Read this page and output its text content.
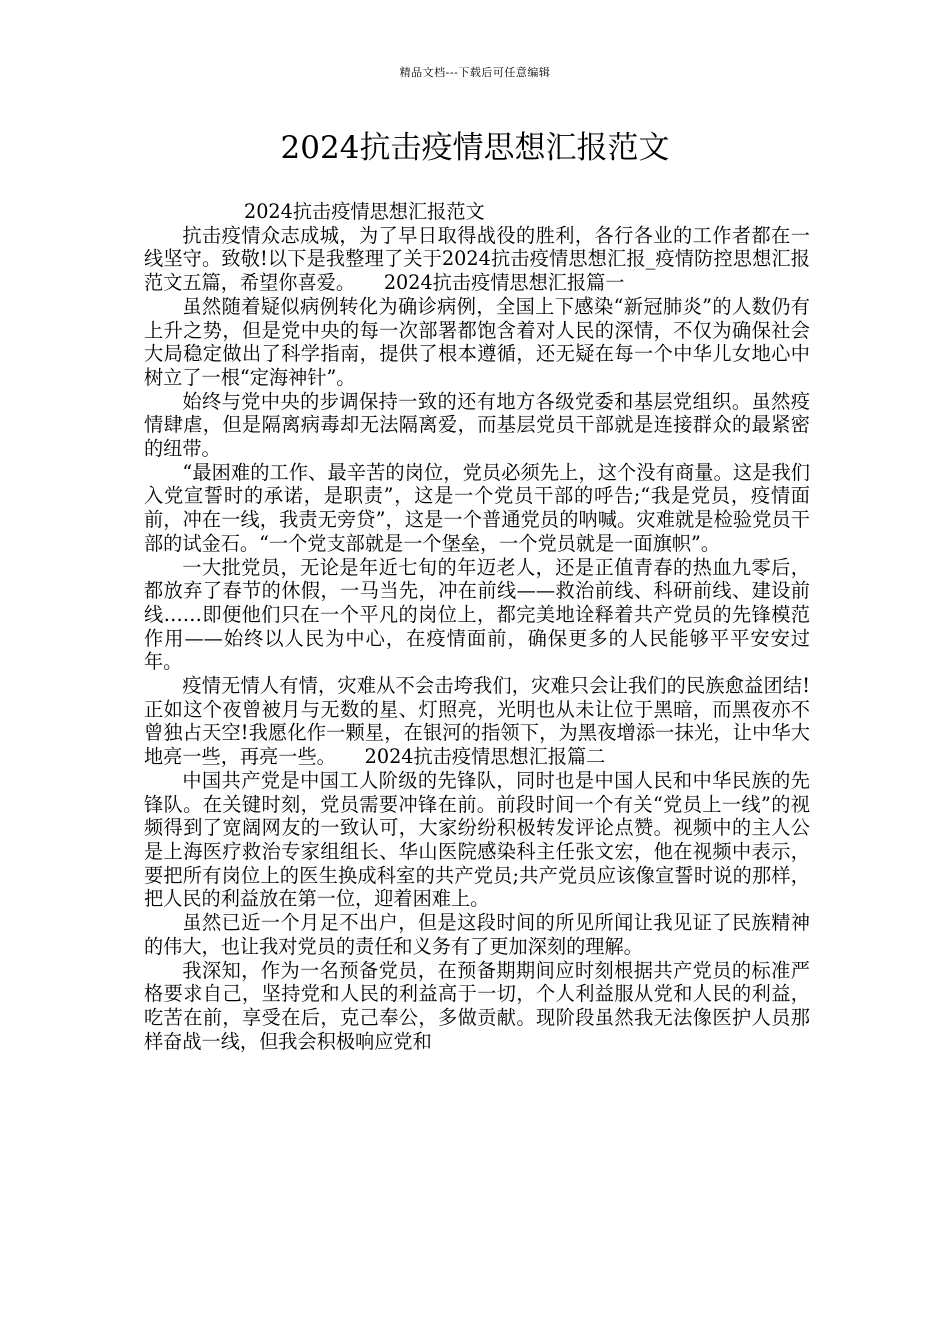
精品文档---下载后可任意编辑
2024抗击疫情思想汇报范文

2024抗击疫情思想汇报范文

抗击疫情众志成城，为了早日取得战役的胜利，各行各业的工作者都在一线坚守。致敬!以下是我整理了关于2024抗击疫情思想汇报_疫情防控思想汇报范文五篇，希望你喜爱。　　2024抗击疫情思想汇报篇一

虽然随着疑似病例转化为确诊病例，全国上下感染“新冠肺炎”的人数仍有上升之势，但是党中央的每一次部署都饱含着对人民的深情，不仅为确保社会大局稳定做出了科学指南，提供了根本遵循，还无疑在每一个中华儿女地心中树立了一根“定海神针”。

始终与党中央的步调保持一致的还有地方各级党委和基层党组织。虽然疫情肆虐，但是隔离病毒却无法隔离爱，而基层党员干部就是连接群众的最紧密的纽带。

“最困难的工作、最辛苦的岗位，党员必须先上，这个没有商量。这是我们入党宣誓时的承诺，是职责”，这是一个党员干部的呼告;“我是党员，疫情面前，冲在一线，我责无旁贷”，这是一个普通党员的呐喊。灾难就是检验党员干部的试金石。“一个党支部就是一个堡垒，一个党员就是一面旗帜”。

一大批党员，无论是年近七旬的年迈老人，还是正值青春的热血九零后，都放弃了春节的休假，一马当先，冲在前线——救治前线、科研前线、建设前线……即便他们只在一个平凡的岗位上，都完美地诠释着共产党员的先锋模范作用——始终以人民为中心，在疫情面前，确保更多的人民能够平平安安过年。

疫情无情人有情，灾难从不会击垮我们，灾难只会让我们的民族愈益团结!正如这个夜曾被月与无数的星、灯照亮，光明也从未让位于黑暗，而黑夜亦不曾独占天空!我愿化作一颗星，在银河的指领下，为黑夜增添一抹光，让中华大地亮一些，再亮一些。　　2024抗击疫情思想汇报篇二

中国共产党是中国工人阶级的先锋队，同时也是中国人民和中华民族的先锋队。在关键时刻，党员需要冲锋在前。前段时间一个有关“党员上一线”的视频得到了宽阔网友的一致认可，大家纷纷积极转发评论点赞。视频中的主人公是上海医疗救治专家组组长、华山医院感染科主任张文宏，他在视频中表示，要把所有岗位上的医生换成科室的共产党员;共产党员应该像宣誓时说的那样，把人民的利益放在第一位，迎着困难上。

虽然已近一个月足不出户，但是这段时间的所见所闻让我见证了民族精神的伟大，也让我对党员的责任和义务有了更加深刻的理解。

我深知，作为一名预备党员，在预备期期间应时刻根据共产党员的标准严格要求自己，坚持党和人民的利益高于一切，个人利益服从党和人民的利益，吃苦在前，享受在后，克己奉公，多做贡献。现阶段虽然我无法像医护人员那样奋战一线，但我会积极响应党和
